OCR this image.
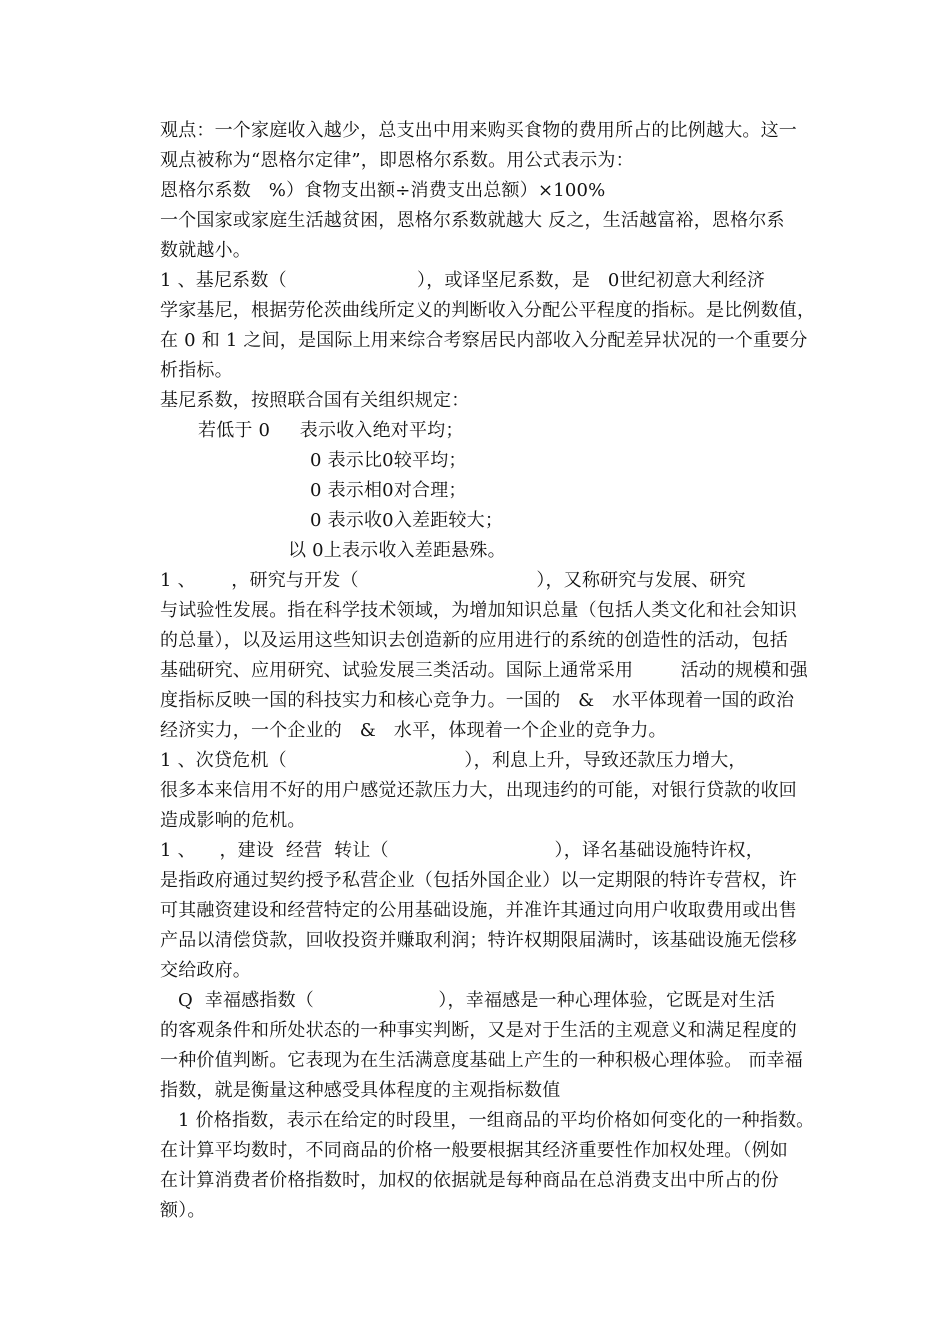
观点：一个家庭收入越少，总支出中用来购买食物的费用所占的比例越大。这一
观点被称为“恩格尔定律”，即恩格尔系数。用公式表示为：
恩格尔系数   %）食物支出额÷消费支出总额）×100%
一个国家或家庭生活越贫困，恩格尔系数就越大 反之，生活越富裕，恩格尔系
数就越小。
1 、基尼系数（                      ），或译坚尼系数，是   0世纪初意大利经济
学家基尼，根据劳伦茨曲线所定义的判断收入分配公平程度的指标。是比例数值，
在 0 和 1 之间，是国际上用来综合考察居民内部收入分配差异状况的一个重要分
析指标。
基尼系数，按照联合国有关组织规定：
若低于 0     表示收入绝对平均；
0 表示比0较平均；
0 表示相0对合理；
0 表示收0入差距较大；
以 0上表示收入差距悬殊。
1 、      ，研究与开发（                              ），又称研究与发展、研究
与试验性发展。指在科学技术领域，为增加知识总量（包括人类文化和社会知识
的总量），以及运用这些知识去创造新的应用进行的系统的创造性的活动，包括
基础研究、应用研究、试验发展三类活动。国际上通常采用        活动的规模和强
度指标反映一国的科技实力和核心竞争力。一国的   &   水平体现着一国的政治
经济实力，一个企业的   &   水平，体现着一个企业的竞争力。
1 、次贷危机（                              ），利息上升，导致还款压力增大，
很多本来信用不好的用户感觉还款压力大，出现违约的可能，对银行贷款的收回
造成影响的危机。
1 、    ，建设  经营  转让（                            ），译名基础设施特许权，
是指政府通过契约授予私营企业（包括外国企业）以一定期限的特许专营权，许
可其融资建设和经营特定的公用基础设施，并准许其通过向用户收取费用或出售
产品以清偿贷款，回收投资并赚取利润；特许权期限届满时，该基础设施无偿移
交给政府。
Q  幸福感指数（                     ），幸福感是一种心理体验，它既是对生活
的客观条件和所处状态的一种事实判断，又是对于生活的主观意义和满足程度的
一种价值判断。它表现为在生活满意度基础上产生的一种积极心理体验。 而幸福
指数，就是衡量这种感受具体程度的主观指标数值
1 价格指数，表示在给定的时段里，一组商品的平均价格如何变化的一种指数。
在计算平均数时，不同商品的价格一般要根据其经济重要性作加权处理。（例如
在计算消费者价格指数时，加权的依据就是每种商品在总消费支出中所占的份
额）。
